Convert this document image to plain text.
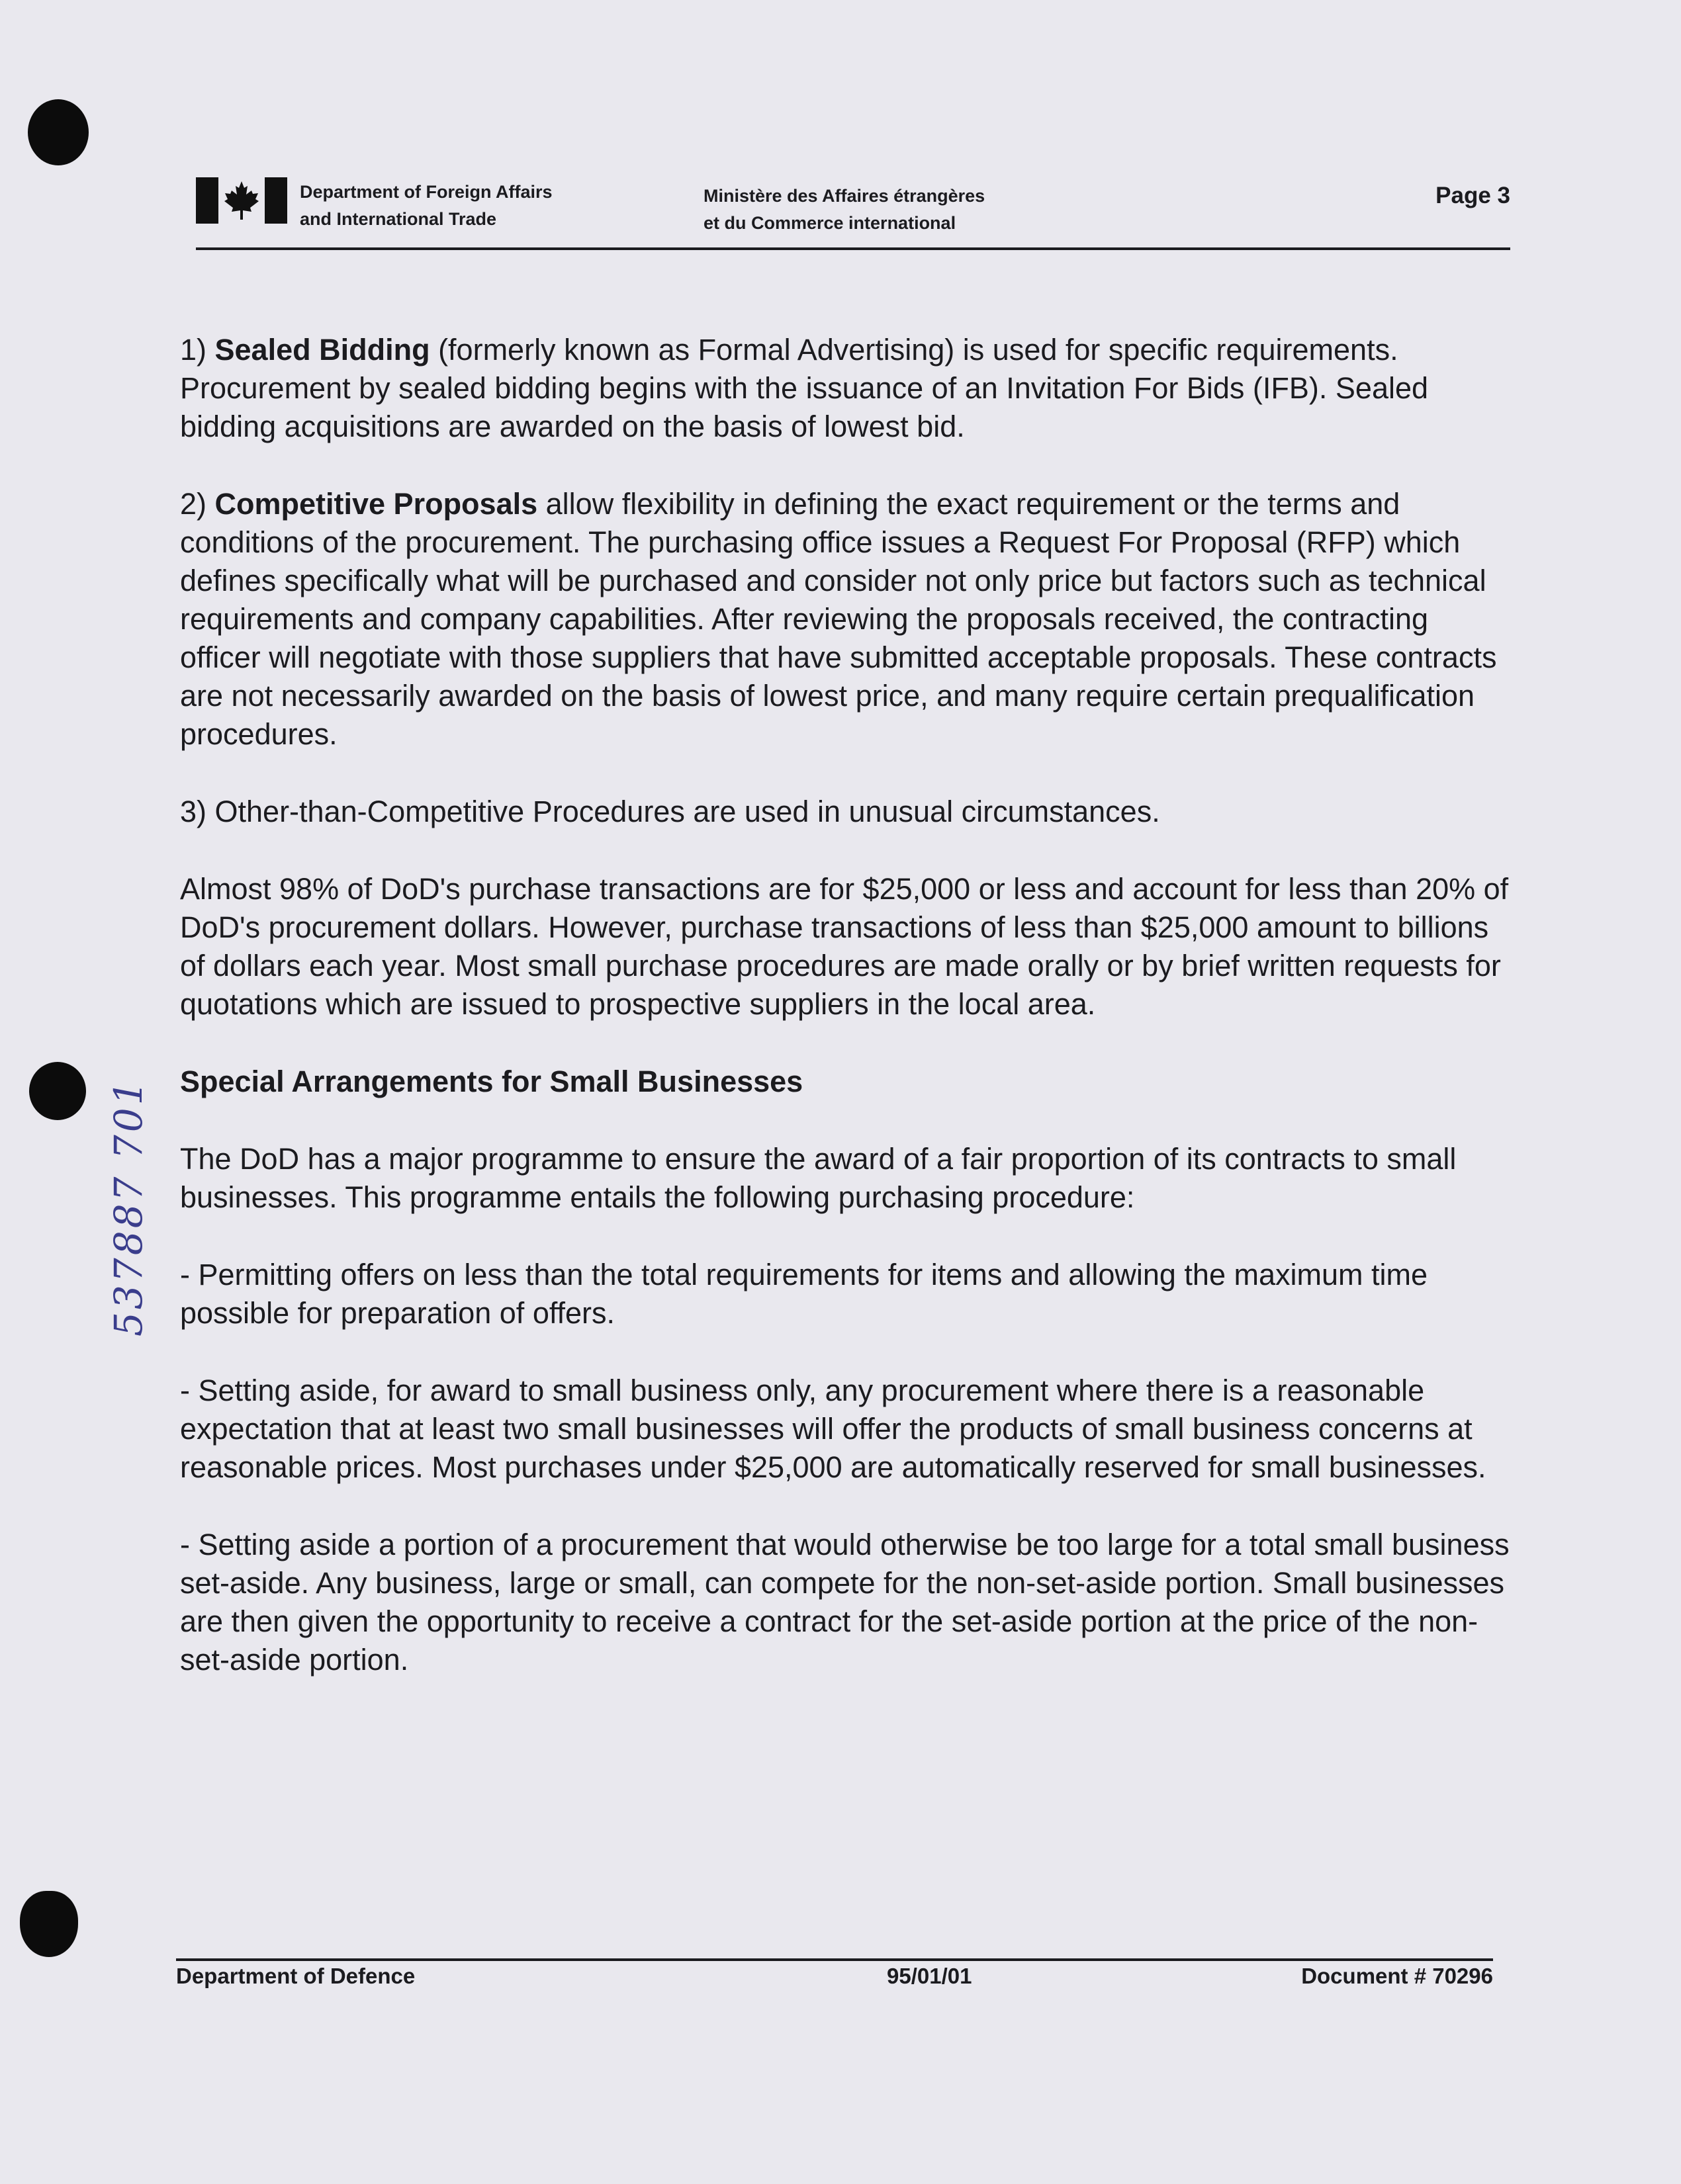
Department of Foreign Affairs
and International Trade
Ministère des Affaires étrangères
et du Commerce international
Page 3

1) Sealed Bidding (formerly known as Formal Advertising) is used for specific requirements. Procurement by sealed bidding begins with the issuance of an Invitation For Bids (IFB). Sealed bidding acquisitions are awarded on the basis of lowest bid.

2) Competitive Proposals allow flexibility in defining the exact requirement or the terms and conditions of the procurement. The purchasing office issues a Request For Proposal (RFP) which defines specifically what will be purchased and consider not only price but factors such as technical requirements and company capabilities. After reviewing the proposals received, the contracting officer will negotiate with those suppliers that have submitted acceptable proposals. These contracts are not necessarily awarded on the basis of lowest price, and many require certain prequalification procedures.

3) Other-than-Competitive Procedures are used in unusual circumstances.

Almost 98% of DoD's purchase transactions are for $25,000 or less and account for less than 20% of DoD's procurement dollars. However, purchase transactions of less than $25,000 amount to billions of dollars each year. Most small purchase procedures are made orally or by brief written requests for quotations which are issued to prospective suppliers in the local area.

Special Arrangements for Small Businesses

The DoD has a major programme to ensure the award of a fair proportion of its contracts to small businesses. This programme entails the following purchasing procedure:

- Permitting offers on less than the total requirements for items and allowing the maximum time possible for preparation of offers.

- Setting aside, for award to small business only, any procurement where there is a reasonable expectation that at least two small businesses will offer the products of small business concerns at reasonable prices. Most purchases under $25,000 are automatically reserved for small businesses.

- Setting aside a portion of a procurement that would otherwise be too large for a total small business set-aside. Any business, large or small, can compete for the non-set-aside portion. Small businesses are then given the opportunity to receive a contract for the set-aside portion at the price of the non-set-aside portion.

Department of Defence	95/01/01	Document # 70296
537887 701
